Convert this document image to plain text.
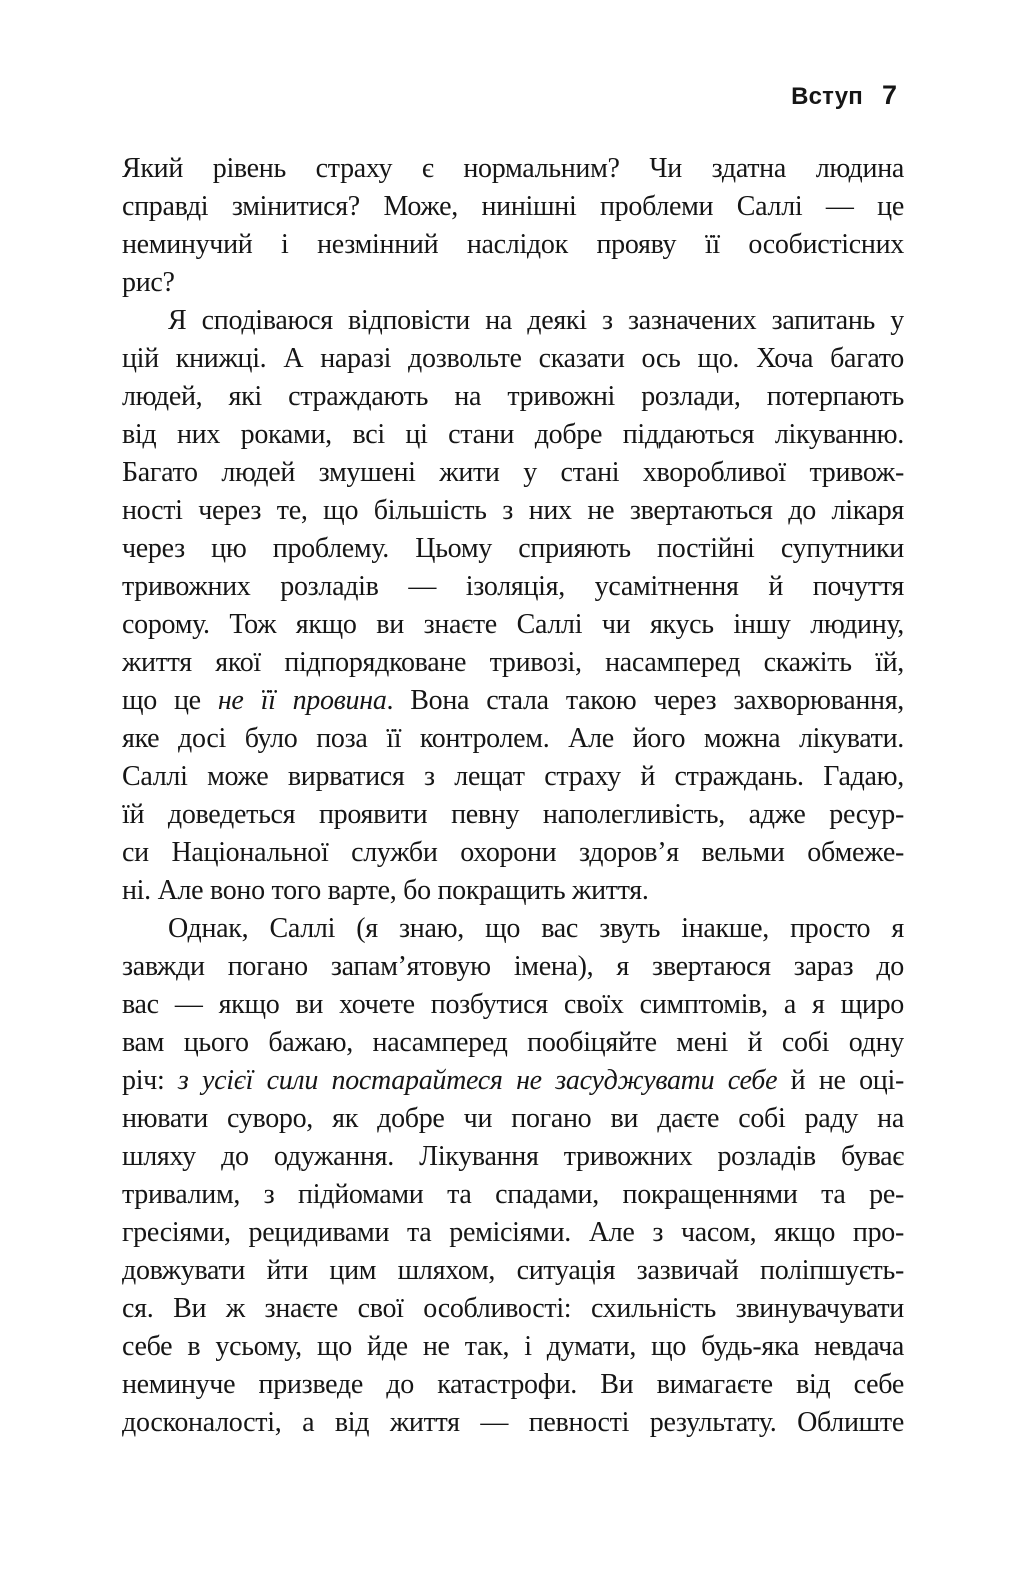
Вступ 7
Який рівень страху є нормальним? Чи здатна людина
справді змінитися? Може, нинішні проблеми Саллі — це
неминучий і незмінний наслідок прояву її особистісних
рис?
Я сподіваюся відповісти на деякі з зазначених запитань у
цій книжці. А наразі дозвольте сказати ось що. Хоча багато
людей, які страждають на тривожні розлади, потерпають
від них роками, всі ці стани добре піддаються лікуванню.
Багато людей змушені жити у стані хворобливої тривож-
ності через те, що більшість з них не звертаються до лікаря
через цю проблему. Цьому сприяють постійні супутники
тривожних розладів — ізоляція, усамітнення й почуття
сорому. Тож якщо ви знаєте Саллі чи якусь іншу людину,
життя якої підпорядковане тривозі, насамперед скажіть їй,
що це не її провина. Вона стала такою через захворювання,
яке досі було поза її контролем. Але його можна лікувати.
Саллі може вирватися з лещат страху й страждань. Гадаю,
їй доведеться проявити певну наполегливість, адже ресур-
си Національної служби охорони здоров’я вельми обмеже-
ні. Але воно того варте, бо покращить життя.
Однак, Саллі (я знаю, що вас звуть інакше, просто я
завжди погано запам’ятовую імена), я звертаюся зараз до
вас — якщо ви хочете позбутися своїх симптомів, а я щиро
вам цього бажаю, насамперед пообіцяйте мені й собі одну
річ: з усієї сили постарайтеся не засуджувати себе й не оці-
нювати суворо, як добре чи погано ви даєте собі раду на
шляху до одужання. Лікування тривожних розладів буває
тривалим, з підйомами та спадами, покращеннями та ре-
гресіями, рецидивами та ремісіями. Але з часом, якщо про-
довжувати йти цим шляхом, ситуація зазвичай поліпшуєть-
ся. Ви ж знаєте свої особливості: схильність звинувачувати
себе в усьому, що йде не так, і думати, що будь-яка невдача
неминуче призведе до катастрофи. Ви вимагаєте від себе
досконалості, а від життя — певності результату. Облиште
